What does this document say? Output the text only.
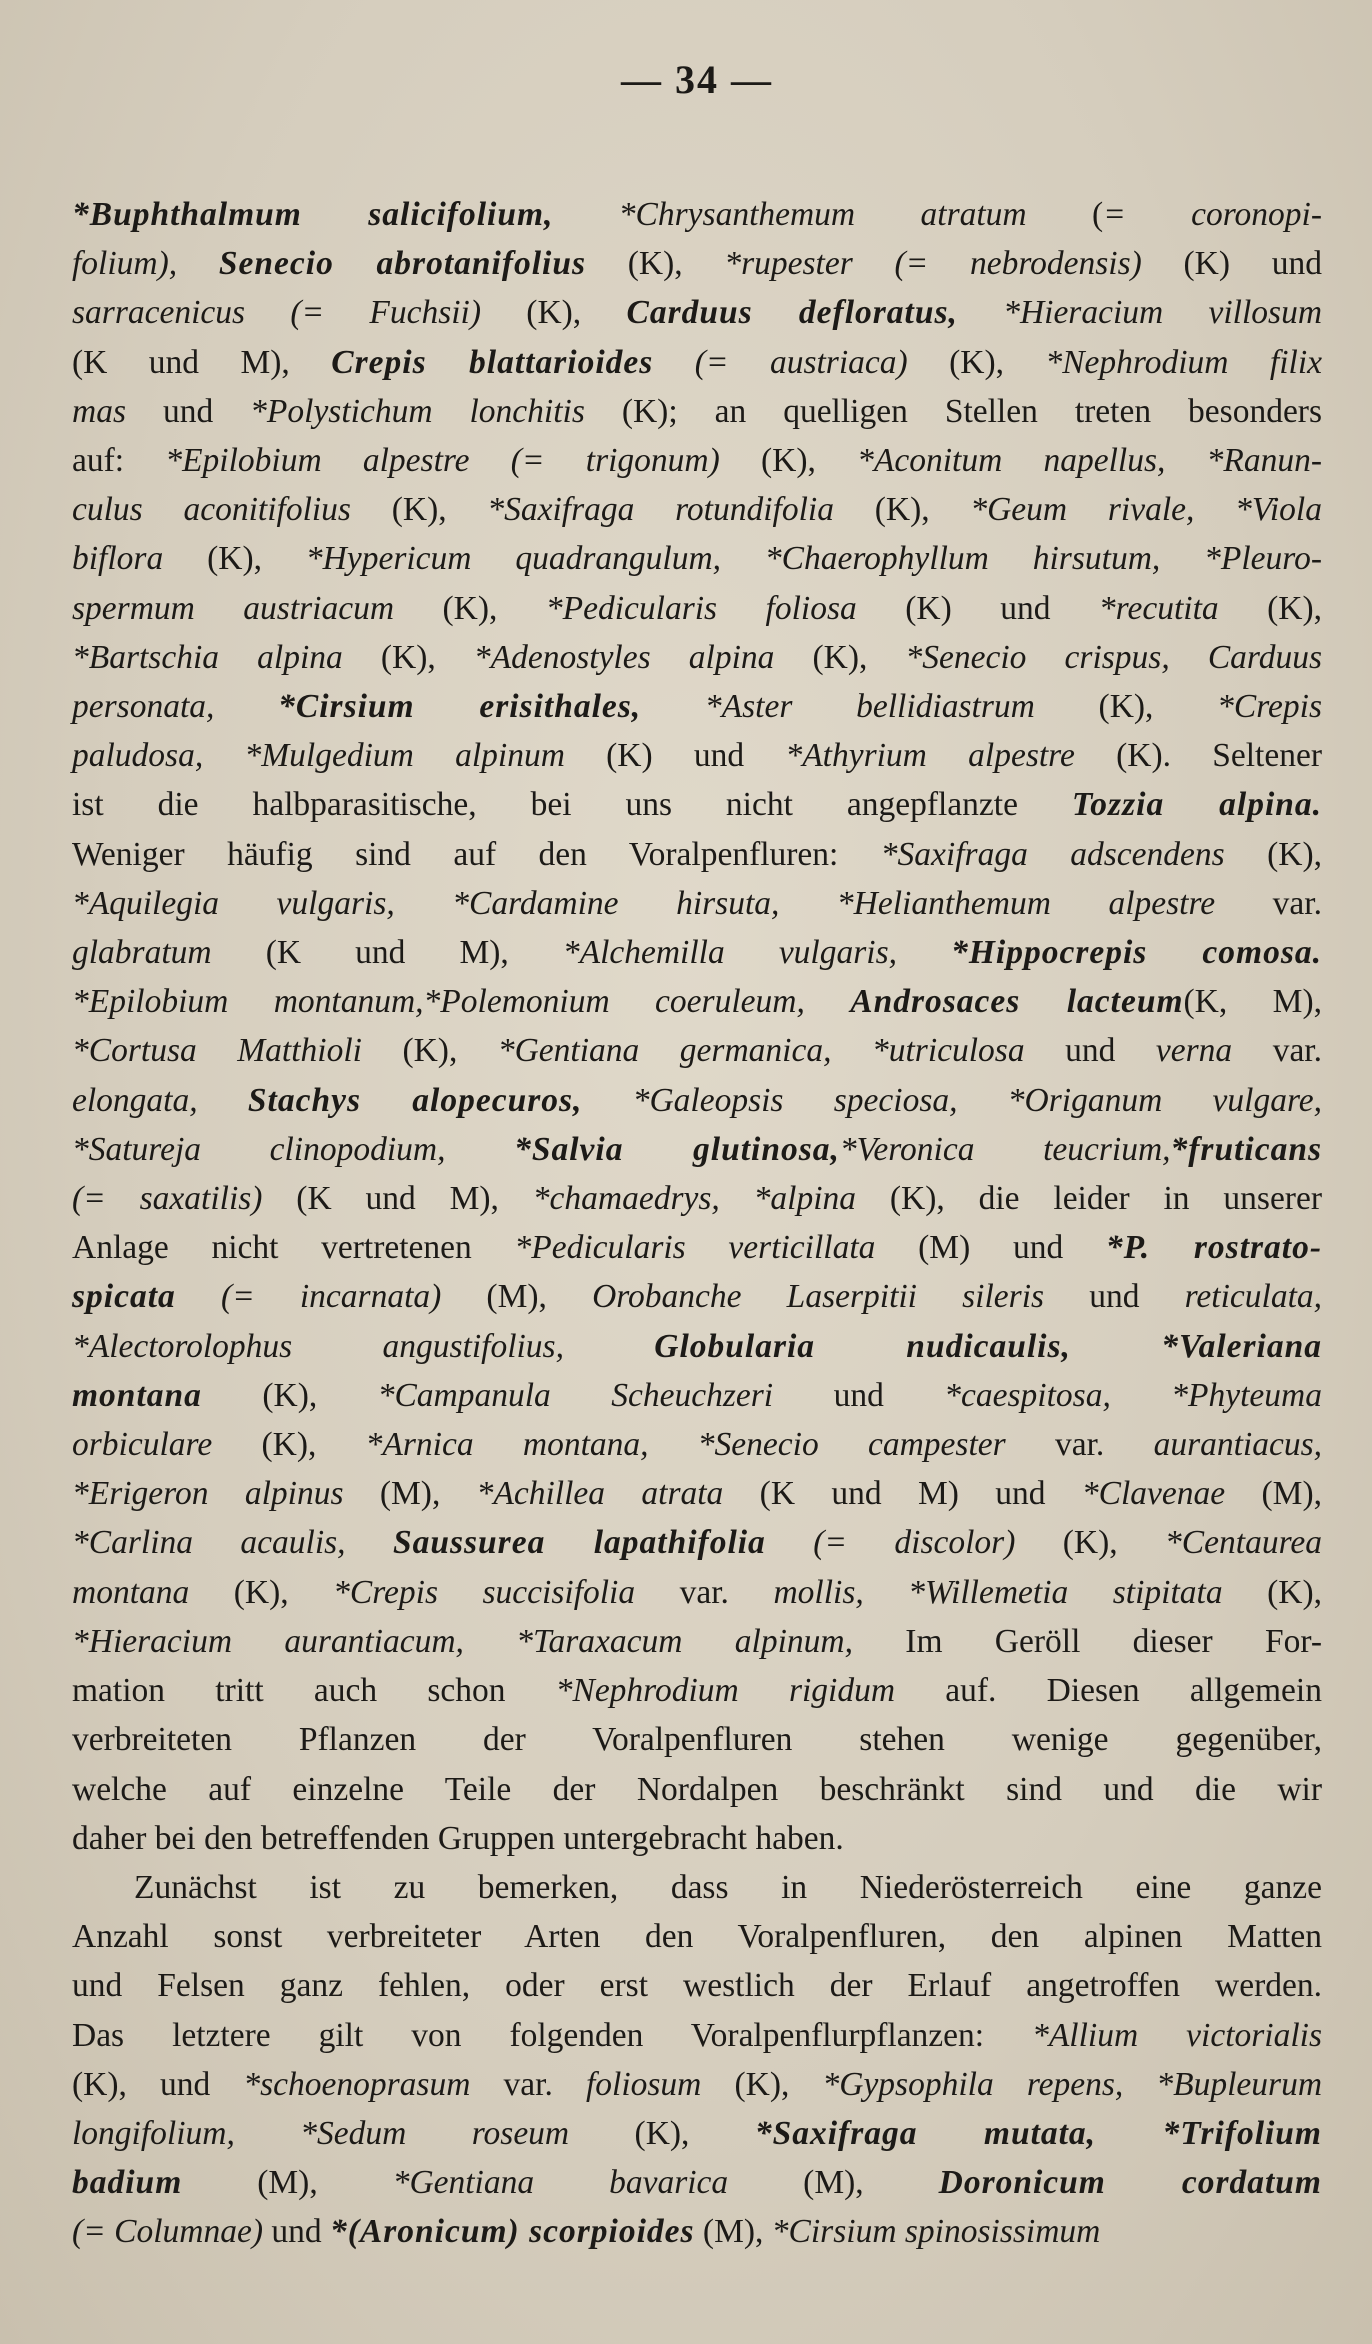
— 34 —
*Buphthalmum salicifolium, *Chrysanthemum atratum (= coronopi-
folium), Senecio abrotanifolius (K), *rupester (= nebrodensis) (K) und
sarracenicus (= Fuchsii) (K), Carduus defloratus, *Hieracium villosum
(K und M), Crepis blattarioides (= austriaca) (K), *Nephrodium filix
mas und *Polystichum lonchitis (K); an quelligen Stellen treten besonders
auf: *Epilobium alpestre (= trigonum) (K), *Aconitum napellus, *Ranun-
culus aconitifolius (K), *Saxifraga rotundifolia (K), *Geum rivale, *Viola
biflora (K), *Hypericum quadrangulum, *Chaerophyllum hirsutum, *Pleuro-
spermum austriacum (K), *Pedicularis foliosa (K) und *recutita (K),
*Bartschia alpina (K), *Adenostyles alpina (K), *Senecio crispus, Carduus
personata, *Cirsium erisithales, *Aster bellidiastrum (K), *Crepis
paludosa, *Mulgedium alpinum (K) und *Athyrium alpestre (K). Seltener
ist die halbparasitische, bei uns nicht angepflanzte Tozzia alpina.
Weniger häufig sind auf den Voralpenfluren: *Saxifraga adscendens (K),
*Aquilegia vulgaris, *Cardamine hirsuta, *Helianthemum alpestre var.
glabratum (K und M), *Alchemilla vulgaris, *Hippocrepis comosa.
*Epilobium montanum,*Polemonium coeruleum, Androsaces lacteum(K, M),
*Cortusa Matthioli (K), *Gentiana germanica, *utriculosa und verna var.
elongata, Stachys alopecuros, *Galeopsis speciosa, *Origanum vulgare,
*Satureja clinopodium, *Salvia glutinosa,*Veronica teucrium,*fruticans
(= saxatilis) (K und M), *chamaedrys, *alpina (K), die leider in unserer
Anlage nicht vertretenen *Pedicularis verticillata (M) und *P. rostrato-
spicata (= incarnata) (M), Orobanche Laserpitii sileris und reticulata,
*Alectorolophus angustifolius,	Globularia nudicaulis,	*Valeriana
montana (K), *Campanula Scheuchzeri und *caespitosa, *Phyteuma
orbiculare (K), *Arnica montana, *Senecio campester var. aurantiacus,
*Erigeron alpinus (M), *Achillea atrata (K und M) und *Clavenae (M),
*Carlina acaulis, Saussurea lapathifolia (= discolor) (K), *Centaurea
montana (K), *Crepis succisifolia var. mollis, *Willemetia stipitata (K),
*Hieracium aurantiacum, *Taraxacum alpinum, Im Geröll dieser For-
mation tritt auch schon *Nephrodium rigidum auf. Diesen allgemein
verbreiteten Pflanzen der Voralpenfluren stehen wenige gegenüber,
welche auf einzelne Teile der Nordalpen beschränkt sind und die wir
daher bei den betreffenden Gruppen untergebracht haben.
Zunächst ist zu bemerken, dass in Niederösterreich eine ganze
Anzahl sonst verbreiteter Arten den Voralpenfluren, den alpinen Matten
und Felsen ganz fehlen, oder erst westlich der Erlauf angetroffen werden.
Das letztere gilt von folgenden Voralpenflurpflanzen: *Allium victorialis
(K), und *schoenoprasum var. foliosum (K), *Gypsophila repens, *Bupleurum
longifolium, *Sedum roseum (K), *Saxifraga mutata, *Trifolium
badium (M), *Gentiana bavarica (M), Doronicum cordatum
(= Columnae) und *(Aronicum) scorpioides (M), *Cirsium spinosissimum
